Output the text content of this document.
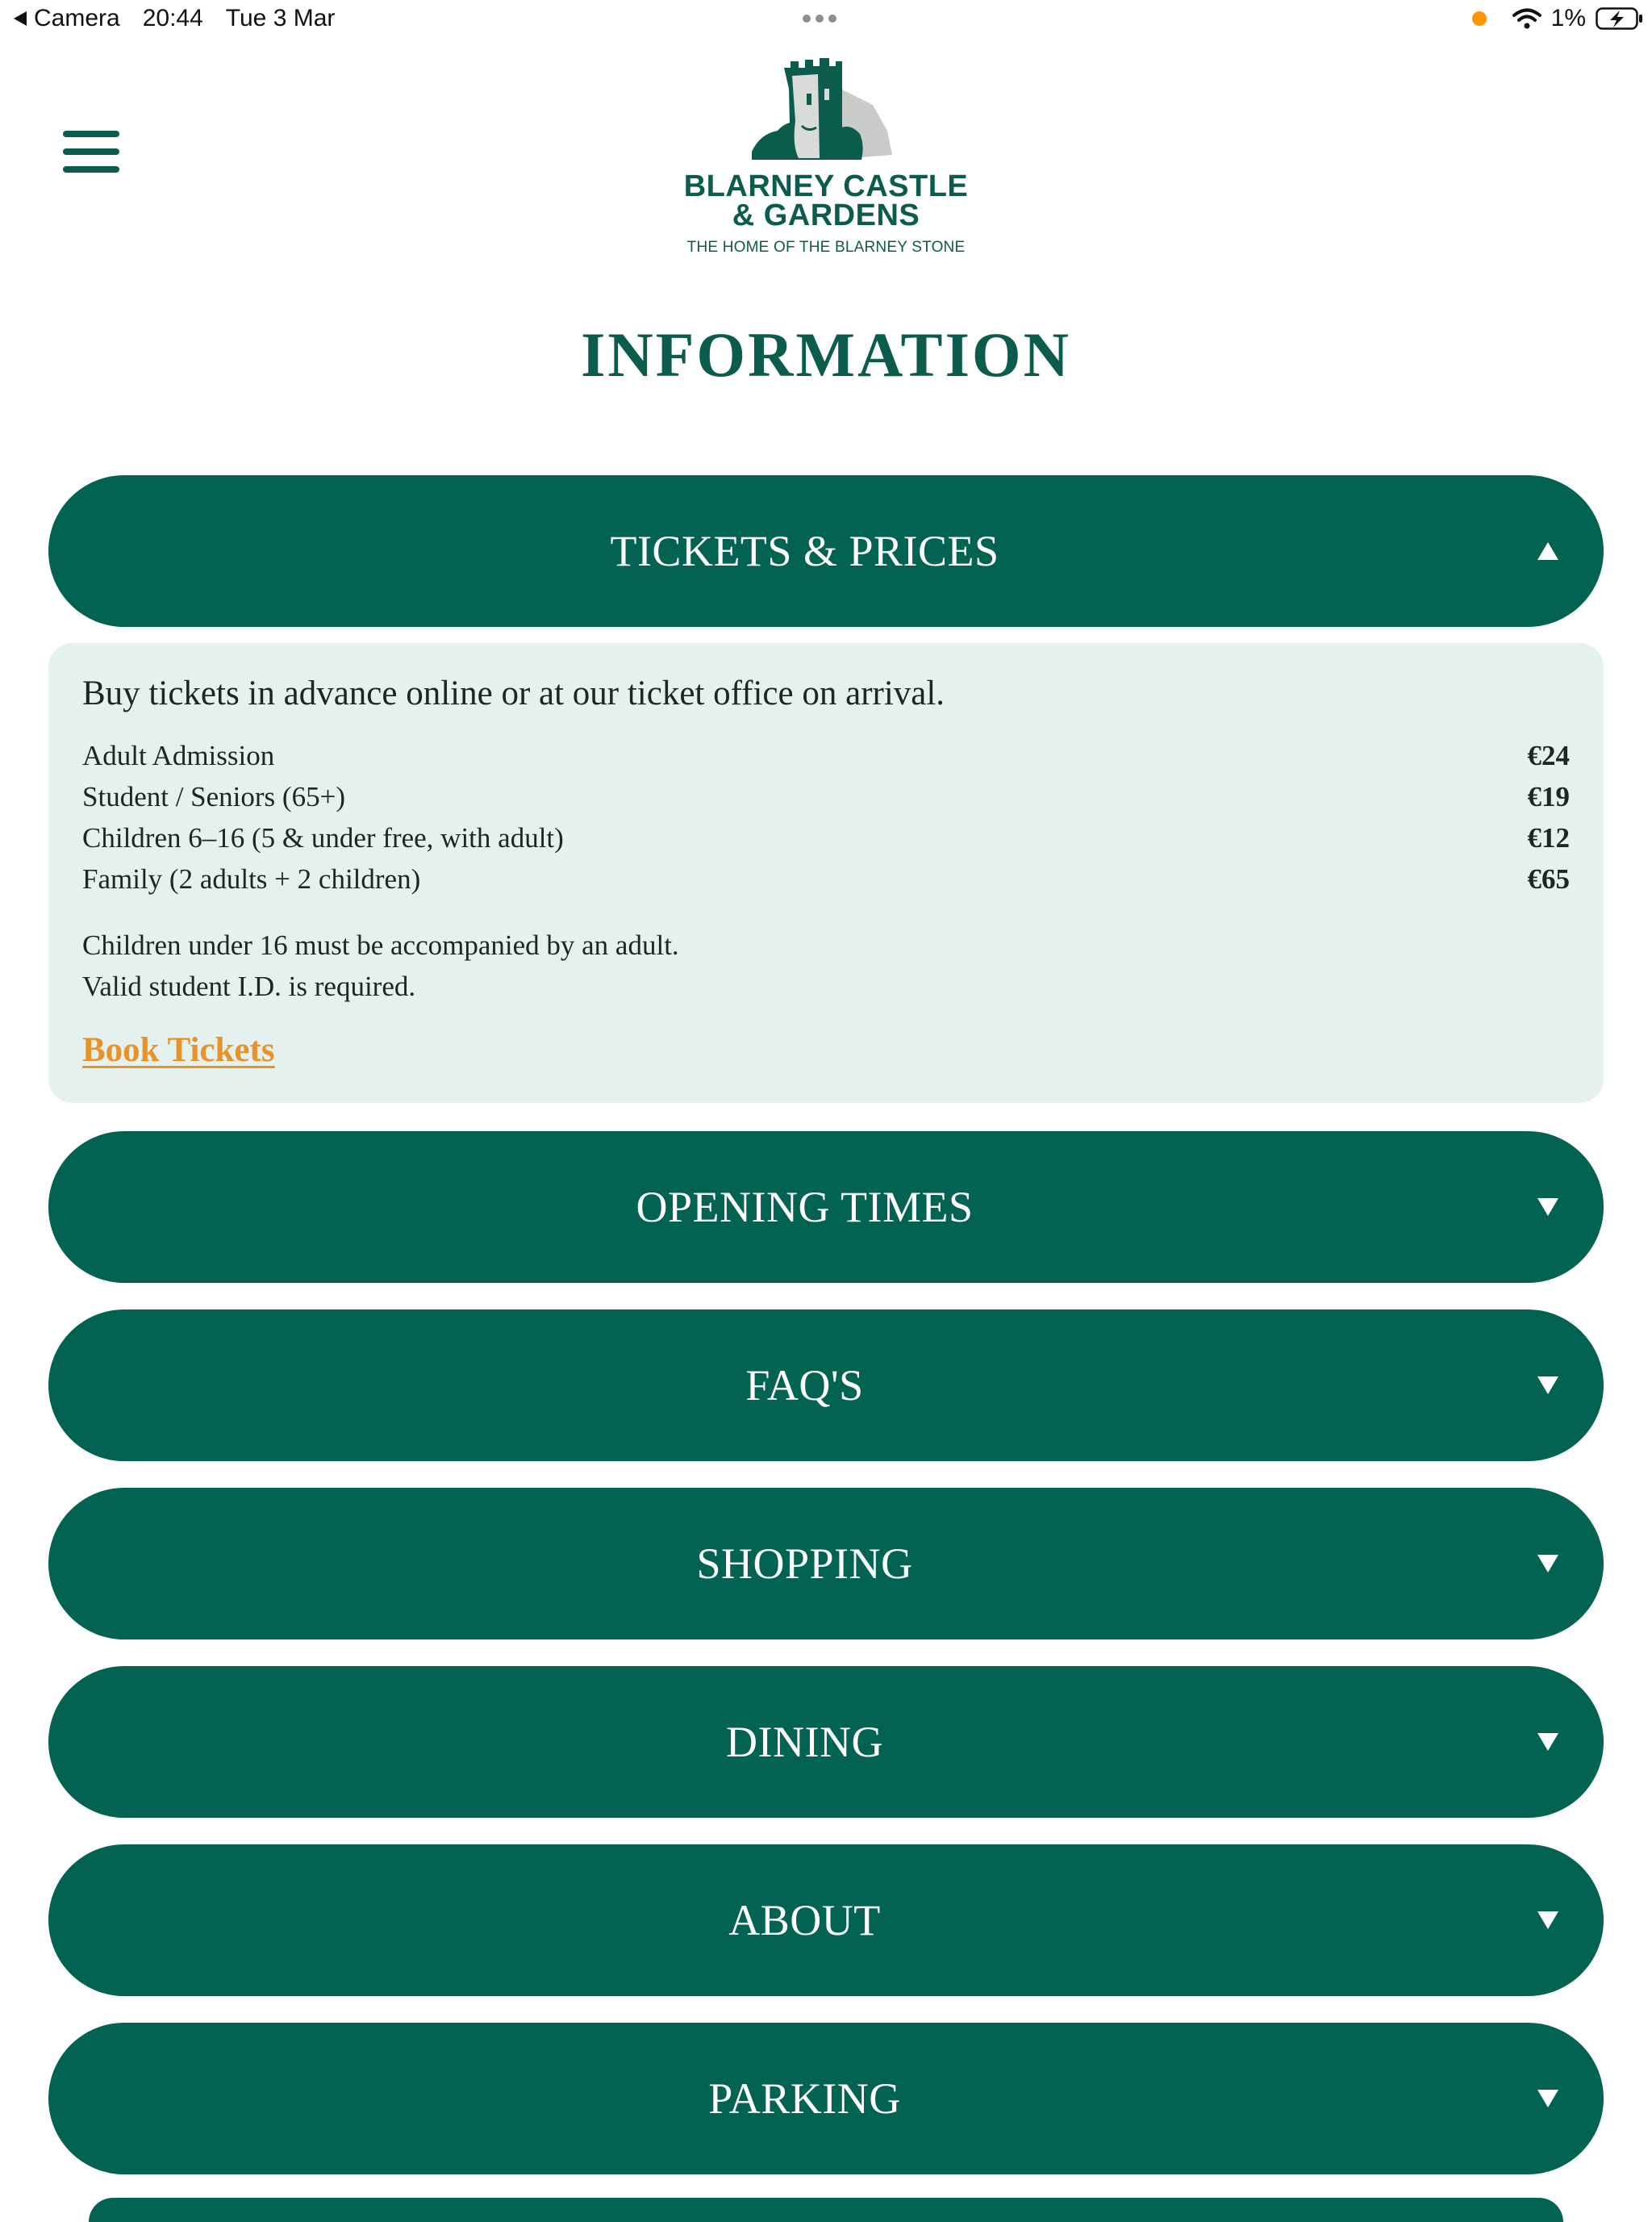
Camera 20:44 Tue 3 Mar	1%
BLARNEY CASTLE
& GARDENS
THE HOME OF THE BLARNEY STONE
INFORMATION
TICKETS & PRICES
Buy tickets in advance online or at our ticket office on arrival.
Adult Admission	€24
Student / Seniors (65+)	€19
Children 6–16 (5 & under free, with adult)	€12
Family (2 adults + 2 children)	€65
Children under 16 must be accompanied by an adult.
Valid student I.D. is required.
Book Tickets
OPENING TIMES
FAQ'S
SHOPPING
DINING
ABOUT
PARKING
